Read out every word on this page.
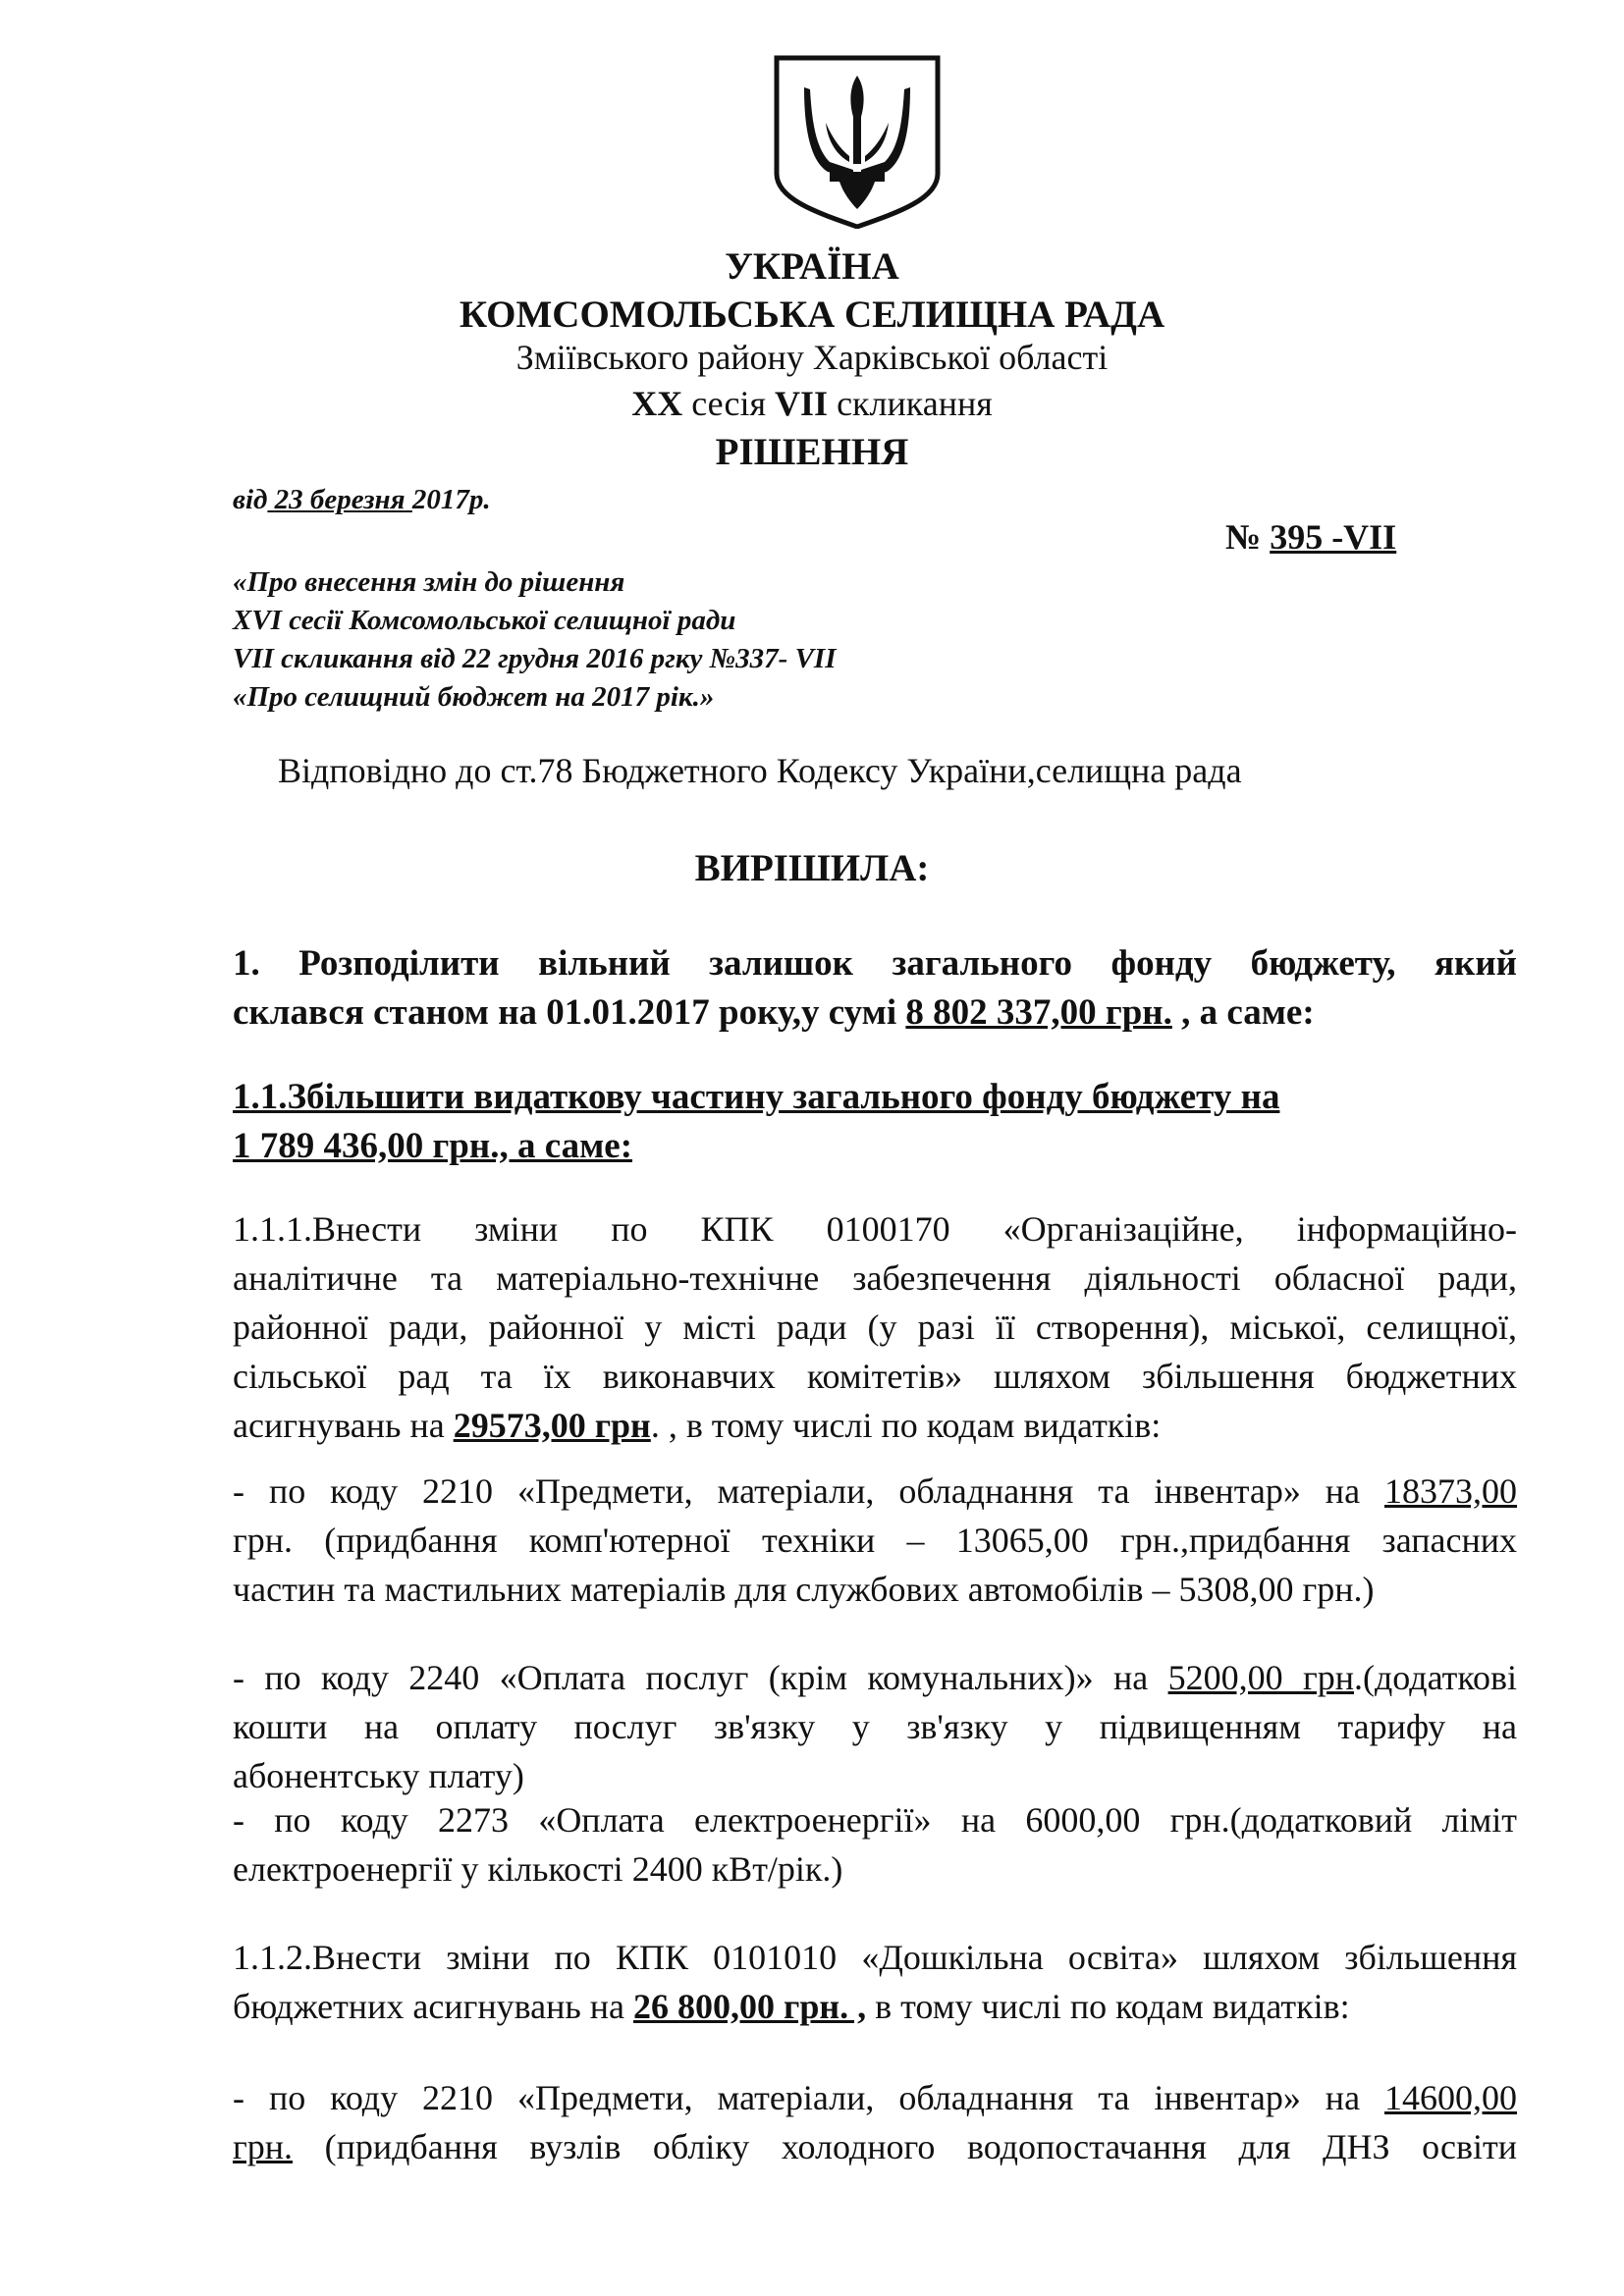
УКРАЇНА
КОМСОМОЛЬСЬКА СЕЛИЩНА РАДА
Зміївського району Харківської області
XX сесія VII скликання
РІШЕННЯ
від 23 березня 2017р.
№ 395 -VII
«Про внесення змін до рішення
XVI сесії Комсомольської селищної ради
VII скликання від 22 грудня 2016 ргку №337- VII
«Про селищний бюджет на 2017 рік.»
Відповідно до ст.78 Бюджетного Кодексу України,селищна рада
ВИРІШИЛА:
1. Розподілити вільний залишок загального фонду бюджету, який
склався станом на 01.01.2017 року,у сумі 8 802 337,00 грн. , а саме:
1.1.Збільшити видаткову частину загального фонду бюджету на
1 789 436,00 грн., а саме:
1.1.1.Внести зміни по КПК 0100170 «Організаційне, інформаційно-
аналітичне та матеріально-технічне забезпечення діяльності обласної ради,
районної ради, районної у місті ради (у разі її створення), міської, селищної,
сільської рад та їх виконавчих комітетів» шляхом збільшення бюджетних
асигнувань на 29573,00 грн. , в тому числі по кодам видатків:
- по коду 2210 «Предмети, матеріали, обладнання та інвентар» на 18373,00
грн. (придбання комп'ютерної техніки – 13065,00 грн.,придбання запасних
частин та мастильних матеріалів для службових автомобілів – 5308,00 грн.)
- по коду 2240 «Оплата послуг (крім комунальних)» на 5200,00 грн.(додаткові
кошти на оплату послуг зв'язку у зв'язку у підвищенням тарифу на
абонентську плату)
- по коду 2273 «Оплата електроенергії» на 6000,00 грн.(додатковий ліміт
електроенергії у кількості 2400 кВт/рік.)
1.1.2.Внести зміни по КПК 0101010 «Дошкільна освіта» шляхом збільшення
бюджетних асигнувань на 26 800,00 грн. , в тому числі по кодам видатків:
- по коду 2210 «Предмети, матеріали, обладнання та інвентар» на 14600,00
грн. (придбання вузлів обліку холодного водопостачання для ДНЗ освіти
